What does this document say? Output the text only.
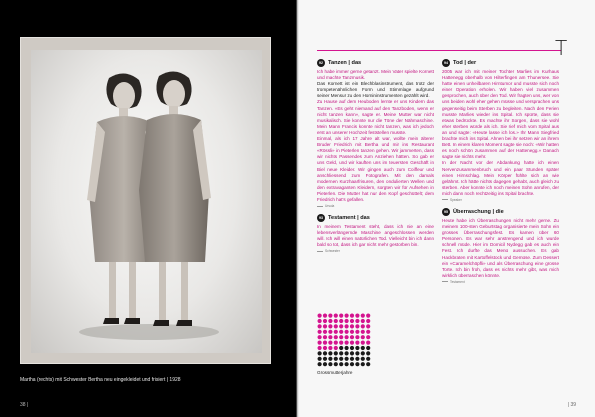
Martha (rechts) mit Schwester Bertha neu eingekleidet und frisiert | 1928
38 |
T
92 Tanzen | das

Ich habe immer gerne getanzt. Mein Vater spielte Kornett und machte Tanzmusik.

Das Kornett ist ein Blechblasinstrument, das trotz der trompetenähnlichen Form und Stimmlage aufgrund seiner Mensur zu den Hornininstrumenten gezählt wird.

Zu Hause auf dem Heuboden lernte er uns Kindern das Tanzen. «Es geht niemand auf den Tanzboden, wenn er nicht tanzen kann», sagte er. Meine Mutter war nicht musikalisch. Sie konnte nur die Töne der Nähmaschine. Mein Mann Francis konnte nicht tanzen, was ich jedoch erst an unserer Hochzeit feststellen musste.

Einmal, als ich 17 Jahre alt war, wollte mein älterer Bruder Friedrich mit Bertha und mir ins Restaurant «Rössli» in Pieterlen tanzen gehen. Wir jammerten, dass wir nichts Passendes zum Anziehen hätten. So gab er uns Geld, und wir kauften uns im teuersten Geschäft in Biel neue Kleider. Wir gingen auch zum Coiffeur und anschliessend zum Fotografen. Mit den damals modernen Kurzhaarfrisuren, den ondulierten Wellen und den extravaganten Kleidern, sorgten wir für Aufsehen in Pieterlen. Die Mutter hat nur den Kopf geschüttelt; dem Friedrich hat's gefallen.

Ursula
93 Testament | das

In meinem Testament steht, dass ich nie an eine lebensverlängernde Maschine angeschlossen werden will. Ich will einen natürlichen Tod. Vielleicht bin ich dann bald so tot, dass ich gar nicht mehr gestorben bin.

Schwester
Grossmutterjahre
94 Tod | der

2005 war ich mit meiner Tochter Marlies im Kurhaus Hattenegg oberhalb von Hilterfingen am Thunersee. Sie hatte einen unheilbaren Hirntumor und musste sich noch einer Operation erholen. Wir haben viel zusammen gesprochen, auch über den Tod. Wir fragten uns, wer von uns beiden wohl eher gehen müsse und versprachen uns gegenseitig beim Sterben zu begleiten. Nach den Ferien musste Marlies wieder ins Spital. Ich spürte, dass sie etwas bedrückte. Es machte ihr Sorgen, dass sie wohl eher sterben würde als ich. Sie rief mich vom Spital aus an und sagte: «Heute lasse ich los.» Ihr Mann Siegfried brachte mich ins Spital. Ahnen bei ihr setzen wir an ihrem Bett. In einem klaren Moment sagte sie noch: «Wir hatten es noch schön zusammen auf der Hattenegg.» Danach sagte sie nichts mehr.

In der Nacht vor der Abdankung hatte ich einen Nervenzusammenbruch und ein paar Stunden später einen Hirnschlag. Mein Körper fühlte sich an wie gelähmt. Ich hätte nichts dagegen gehabt, auch gleich zu sterben. Aber konnte ich noch meinen Sohn anrufen, der mich dann noch rechtzeitig ins Spital brachte.

Speaker
95 Überraschung | die

Heute habe ich Überraschungen nicht mehr gerne. Zu meinem 100-sten Geburtstag organisierte mein Sohn ein grosses Überraschungsfest. Es kamen über 60 Personen. Es war sehr anstrengend und ich wurde schnell müde. Hier im Domicil Nydegg gab es auch ein Fest. Ich durfte das Menü aussuchen. Es gab Hackbraten mit Kartoffelstock und Gemüse. Zum Dessert ein «Caramelchöpfli» und als Überraschung eine grosse Torte. Ich bin froh, dass es nichts mehr gibt, was mich wirklich überraschen könnte.

Testament
| 39
